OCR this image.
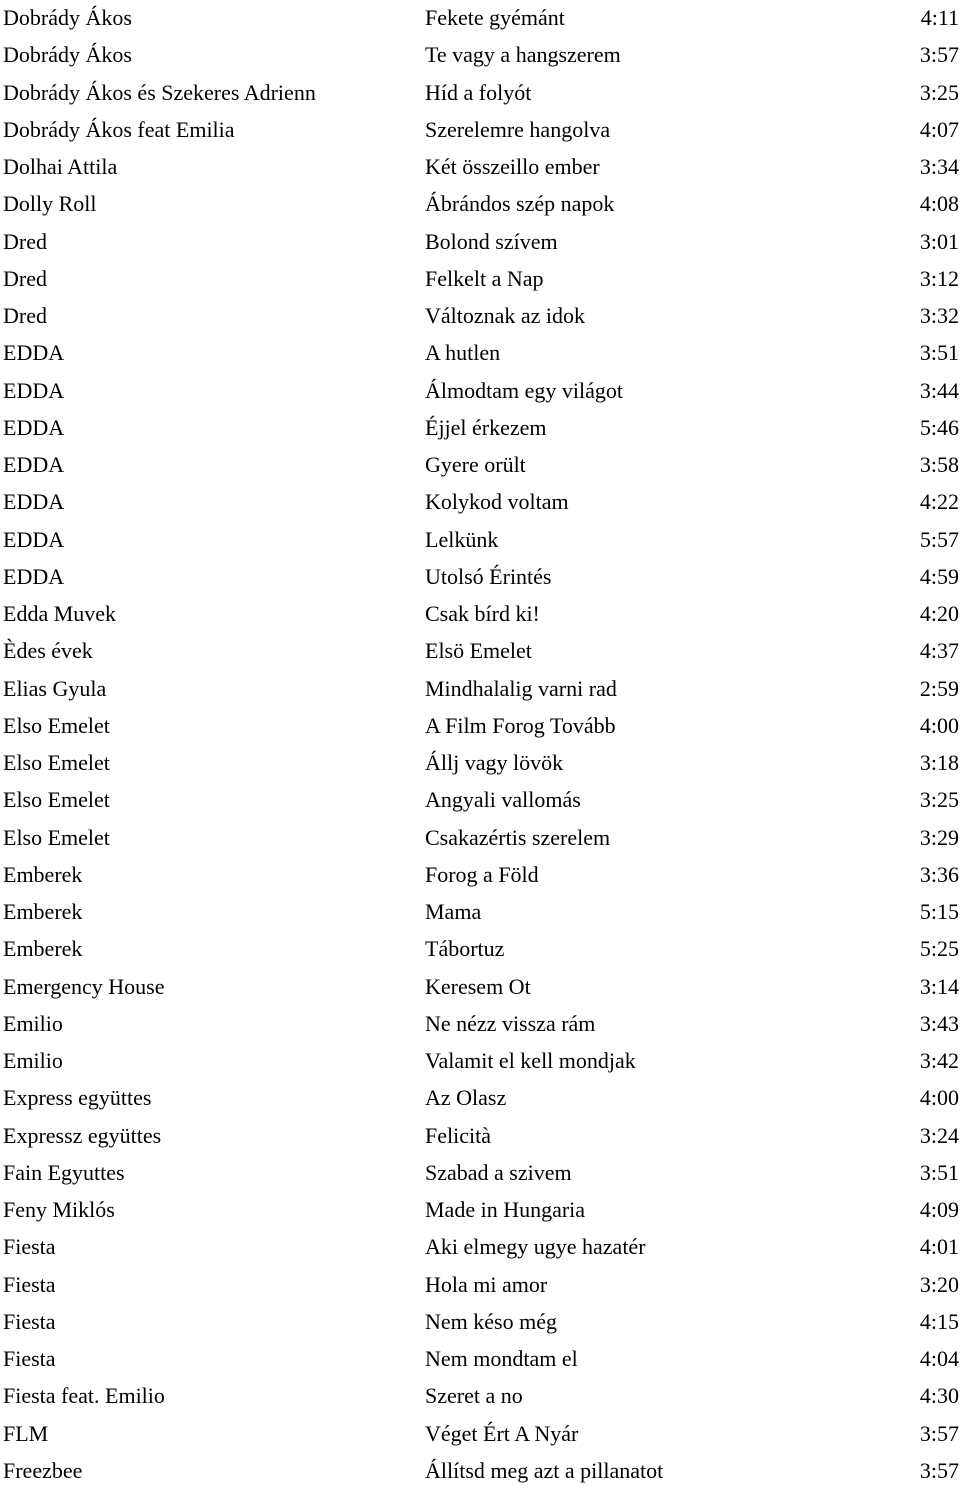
Dobrády Ákos	Fekete gyémánt	4:11
Dobrády Ákos	Te vagy a hangszerem	3:57
Dobrády Ákos és Szekeres Adrienn	Híd a folyót	3:25
Dobrády Ákos feat Emilia	Szerelemre hangolva	4:07
Dolhai Attila	Két összeillo ember	3:34
Dolly Roll	Ábrándos szép napok	4:08
Dred	Bolond szívem	3:01
Dred	Felkelt a Nap	3:12
Dred	Változnak az idok	3:32
EDDA	A hutlen	3:51
EDDA	Álmodtam egy világot	3:44
EDDA	Éjjel érkezem	5:46
EDDA	Gyere orült	3:58
EDDA	Kolykod voltam	4:22
EDDA	Lelkünk	5:57
EDDA	Utolsó Érintés	4:59
Edda Muvek	Csak bírd ki!	4:20
Èdes évek	Elsö Emelet	4:37
Elias Gyula	Mindhalalig varni rad	2:59
Elso Emelet	A Film Forog Tovább	4:00
Elso Emelet	Állj vagy lövök	3:18
Elso Emelet	Angyali vallomás	3:25
Elso Emelet	Csakazértis szerelem	3:29
Emberek	Forog a Föld	3:36
Emberek	Mama	5:15
Emberek	Tábortuz	5:25
Emergency House	Keresem Ot	3:14
Emilio	Ne nézz vissza rám	3:43
Emilio	Valamit el kell mondjak	3:42
Express együttes	Az Olasz	4:00
Expressz együttes	Felicità	3:24
Fain Egyuttes	Szabad a szivem	3:51
Feny Miklós	Made in Hungaria	4:09
Fiesta	Aki elmegy ugye hazatér	4:01
Fiesta	Hola mi amor	3:20
Fiesta	Nem késo még	4:15
Fiesta	Nem mondtam el	4:04
Fiesta feat. Emilio	Szeret a no	4:30
FLM	Véget Ért A Nyár	3:57
Freezbee	Állítsd meg azt a pillanatot	3:57
